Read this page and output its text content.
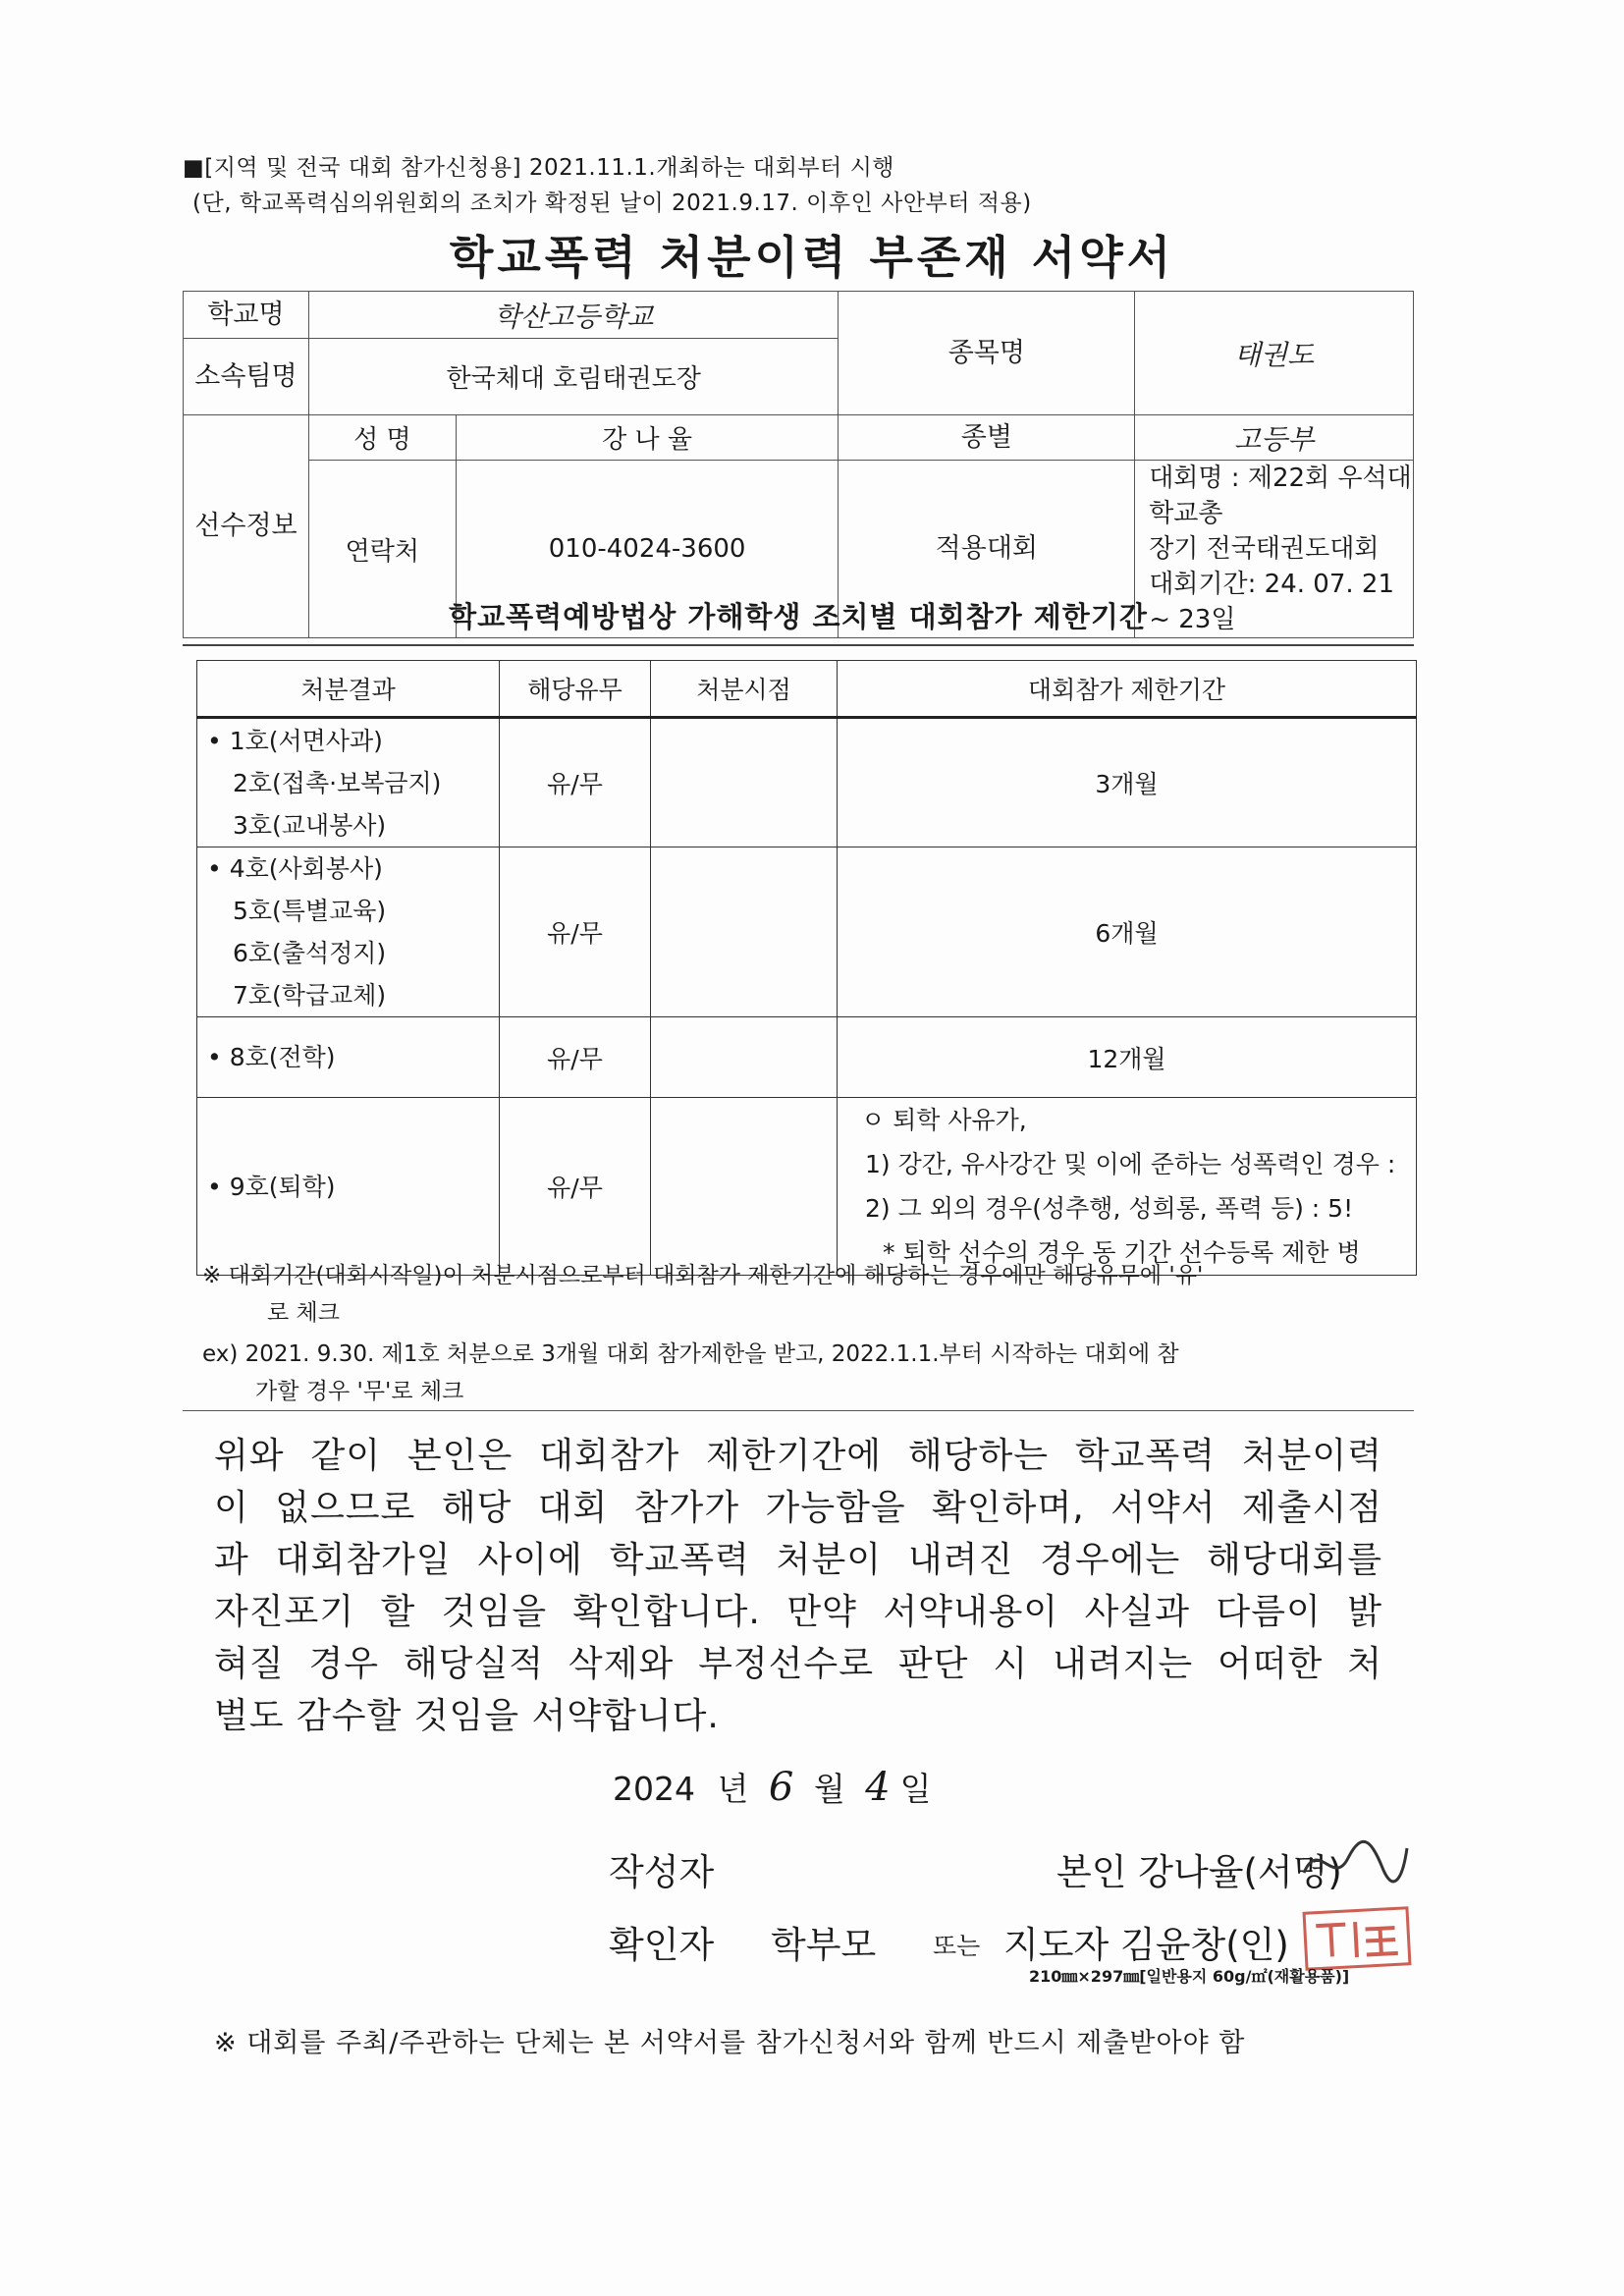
■[지역 및 전국 대회 참가신청용] 2021.11.1.개최하는 대회부터 시행
(단, 학교폭력심의위원회의 조치가 확정된 날이 2021.9.17. 이후인 사안부터 적용)
학교폭력 처분이력 부존재 서약서
학교명	학산고등학교		종목명	태권도
소속팀명	한국체대 호림태권도장			
선수정보	성 명	강 나 율	종별	고등부
	연락처	010-4024-3600	적용대회	대회명 : 제22회 우석대학교총
장기 전국태권도대회
대회기간: 24. 07. 21 ~ 23일
학교폭력예방법상 가해학생 조치별 대회참가 제한기간
처분결과	해당유무	처분시점	대회참가 제한기간

• 1호(서면사과)
2호(접촉·보복금지)
3호(교내봉사)	유/무		3개월

• 4호(사회봉사)
5호(특별교육)
6호(출석정지)
7호(학급교체)	유/무		6개월
• 8호(전학)	유/무		12개월
• 9호(퇴학)	유/무		ㅇ 퇴학 사유가,
1) 강간, 유사강간 및 이에 준하는 성폭력인 경우 :
2) 그 외의 경우(성추행, 성희롱, 폭력 등) : 5!
* 퇴학 선수의 경우 동 기간 선수등록 제한 병
※ 대회기간(대회시작일)이 처분시점으로부터 대회참가 제한기간에 해당하는 경우에만 해당유무에 '유'
로 체크
ex) 2021. 9.30. 제1호 처분으로 3개월 대회 참가제한을 받고, 2022.1.1.부터 시작하는 대회에 참
가할 경우 '무'로 체크
위와 같이 본인은 대회참가 제한기간에 해당하는 학교폭력 처분이력
이 없으므로 해당 대회 참가가 가능함을 확인하며, 서약서 제출시점
과 대회참가일 사이에 학교폭력 처분이 내려진 경우에는 해당대회를
자진포기 할 것임을 확인합니다. 만약 서약내용이 사실과 다름이 밝
혀질 경우 해당실적 삭제와 부정선수로 판단 시 내려지는 어떠한 처
벌도 감수할 것임을 서약합니다.
2024 년 6 월 4 일
작성자	본인 강나율(서명)
확인자 학부모 또는 지도자 김윤창(인)
210㎜×297㎜[일반용지 60g/㎡(재활용품)]
※ 대회를 주최/주관하는 단체는 본 서약서를 참가신청서와 함께 반드시 제출받아야 함
